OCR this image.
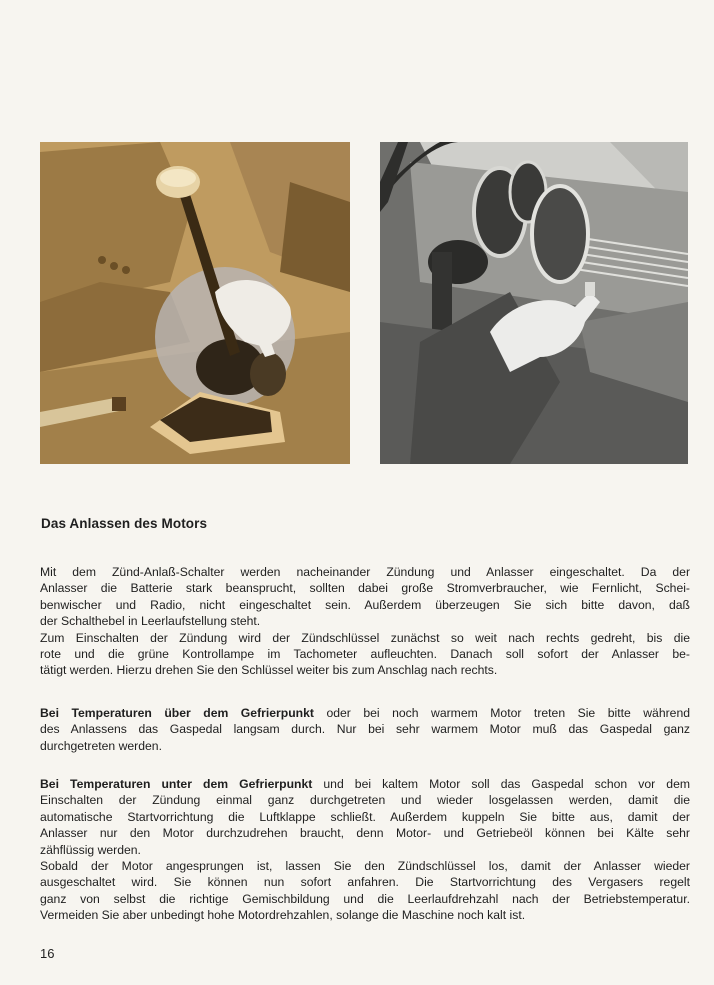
Das Anlassen des Motors
Mit dem Zünd-Anlaß-Schalter werden nacheinander Zündung und Anlasser eingeschaltet. Da der
Anlasser die Batterie stark beansprucht, sollten dabei große Stromverbraucher, wie Fernlicht, Schei-
benwischer und Radio, nicht eingeschaltet sein. Außerdem überzeugen Sie sich bitte davon, daß
der Schalthebel in Leerlaufstellung steht.
Zum Einschalten der Zündung wird der Zündschlüssel zunächst so weit nach rechts gedreht, bis die
rote und die grüne Kontrollampe im Tachometer aufleuchten. Danach soll sofort der Anlasser be-
tätigt werden. Hierzu drehen Sie den Schlüssel weiter bis zum Anschlag nach rechts.
Bei Temperaturen über dem Gefrierpunkt oder bei noch warmem Motor treten Sie bitte während
des Anlassens das Gaspedal langsam durch. Nur bei sehr warmem Motor muß das Gaspedal ganz
durchgetreten werden.
Bei Temperaturen unter dem Gefrierpunkt und bei kaltem Motor soll das Gaspedal schon vor dem
Einschalten der Zündung einmal ganz durchgetreten und wieder losgelassen werden, damit die
automatische Startvorrichtung die Luftklappe schließt. Außerdem kuppeln Sie bitte aus, damit der
Anlasser nur den Motor durchzudrehen braucht, denn Motor- und Getriebeöl können bei Kälte sehr
zähflüssig werden.
Sobald der Motor angesprungen ist, lassen Sie den Zündschlüssel los, damit der Anlasser wieder
ausgeschaltet wird. Sie können nun sofort anfahren. Die Startvorrichtung des Vergasers regelt
ganz von selbst die richtige Gemischbildung und die Leerlaufdrehzahl nach der Betriebstemperatur.
Vermeiden Sie aber unbedingt hohe Motordrehzahlen, solange die Maschine noch kalt ist.
16
